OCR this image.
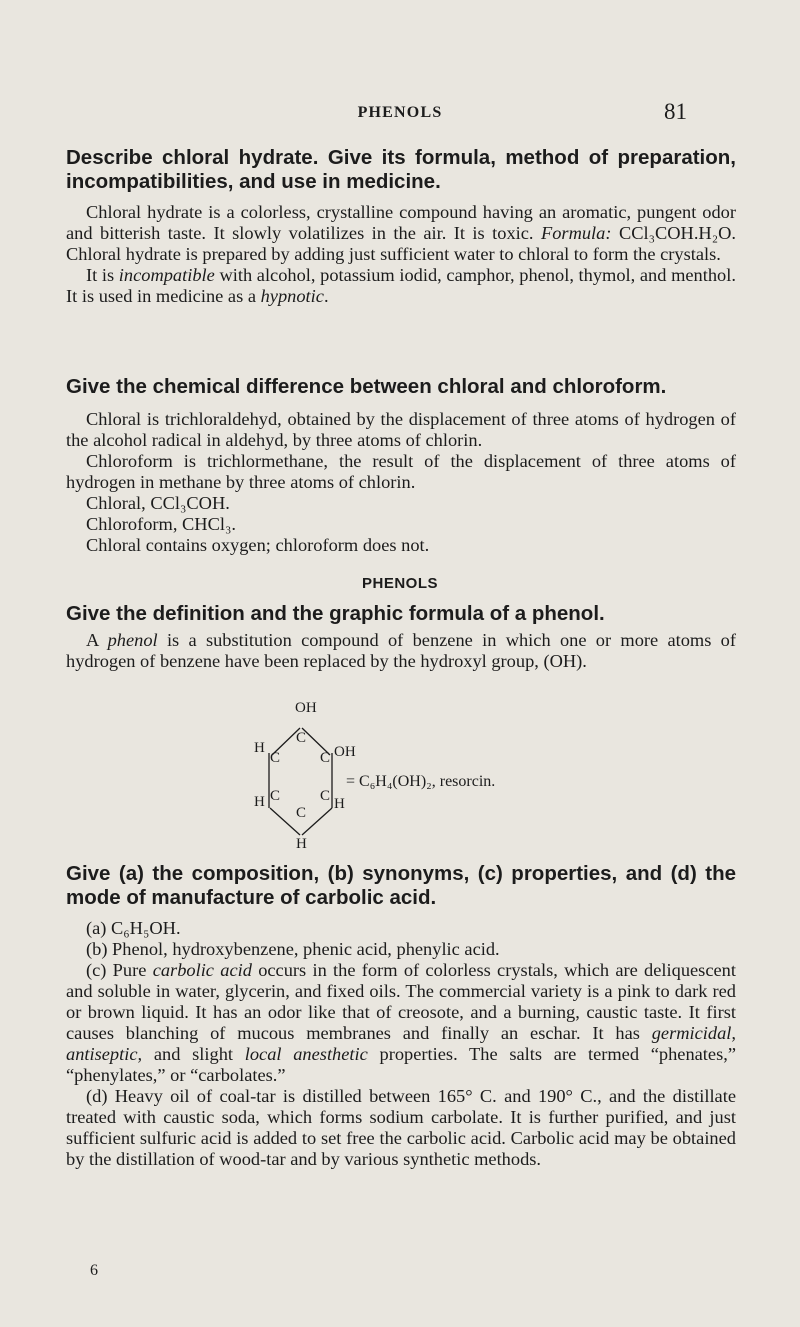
PHENOLS	81

Describe chloral hydrate. Give its formula, method of preparation, incompatibilities, and use in medicine.

Chloral hydrate is a colorless, crystalline compound having an aromatic, pungent odor and bitterish taste. It slowly volatilizes in the air. It is toxic. Formula: CCl₃COH.H₂O. Chloral hydrate is prepared by adding just sufficient water to chloral to form the crystals.

It is incompatible with alcohol, potassium iodid, camphor, phenol, thymol, and menthol. It is used in medicine as a hypnotic.

Give the chemical difference between chloral and chloroform.

Chloral is trichloraldehyd, obtained by the displacement of three atoms of hydrogen of the alcohol radical in aldehyd, by three atoms of chlorin.

Chloroform is trichlormethane, the result of the displacement of three atoms of hydrogen in methane by three atoms of chlorin.

Chloral, CCl₃COH.

Chloroform, CHCl₃.

Chloral contains oxygen; chloroform does not.

PHENOLS

Give the definition and the graphic formula of a phenol.

A phenol is a substitution compound of benzene in which one or more atoms of hydrogen of benzene have been replaced by the hydroxyl group, (OH).

OH
C
H
C	C OH
H C	C H
C
H
= C₆H₄(OH)₂, resorcin.

Give (a) the composition, (b) synonyms, (c) properties, and (d) the mode of manufacture of carbolic acid.

(a) C₆H₅OH.

(b) Phenol, hydroxybenzene, phenic acid, phenylic acid.

(c) Pure carbolic acid occurs in the form of colorless crystals, which are deliquescent and soluble in water, glycerin, and fixed oils. The commercial variety is a pink to dark red or brown liquid. It has an odor like that of creosote, and a burning, caustic taste. It first causes blanching of mucous membranes and finally an eschar. It has germicidal, antiseptic, and slight local anesthetic properties. The salts are termed “phenates,” “phenylates,” or “carbolates.”

(d) Heavy oil of coal-tar is distilled between 165° C. and 190° C., and the distillate treated with caustic soda, which forms sodium carbolate. It is further purified, and just sufficient sulfuric acid is added to set free the carbolic acid. Carbolic acid may be obtained by the distillation of wood-tar and by various synthetic methods.

6
